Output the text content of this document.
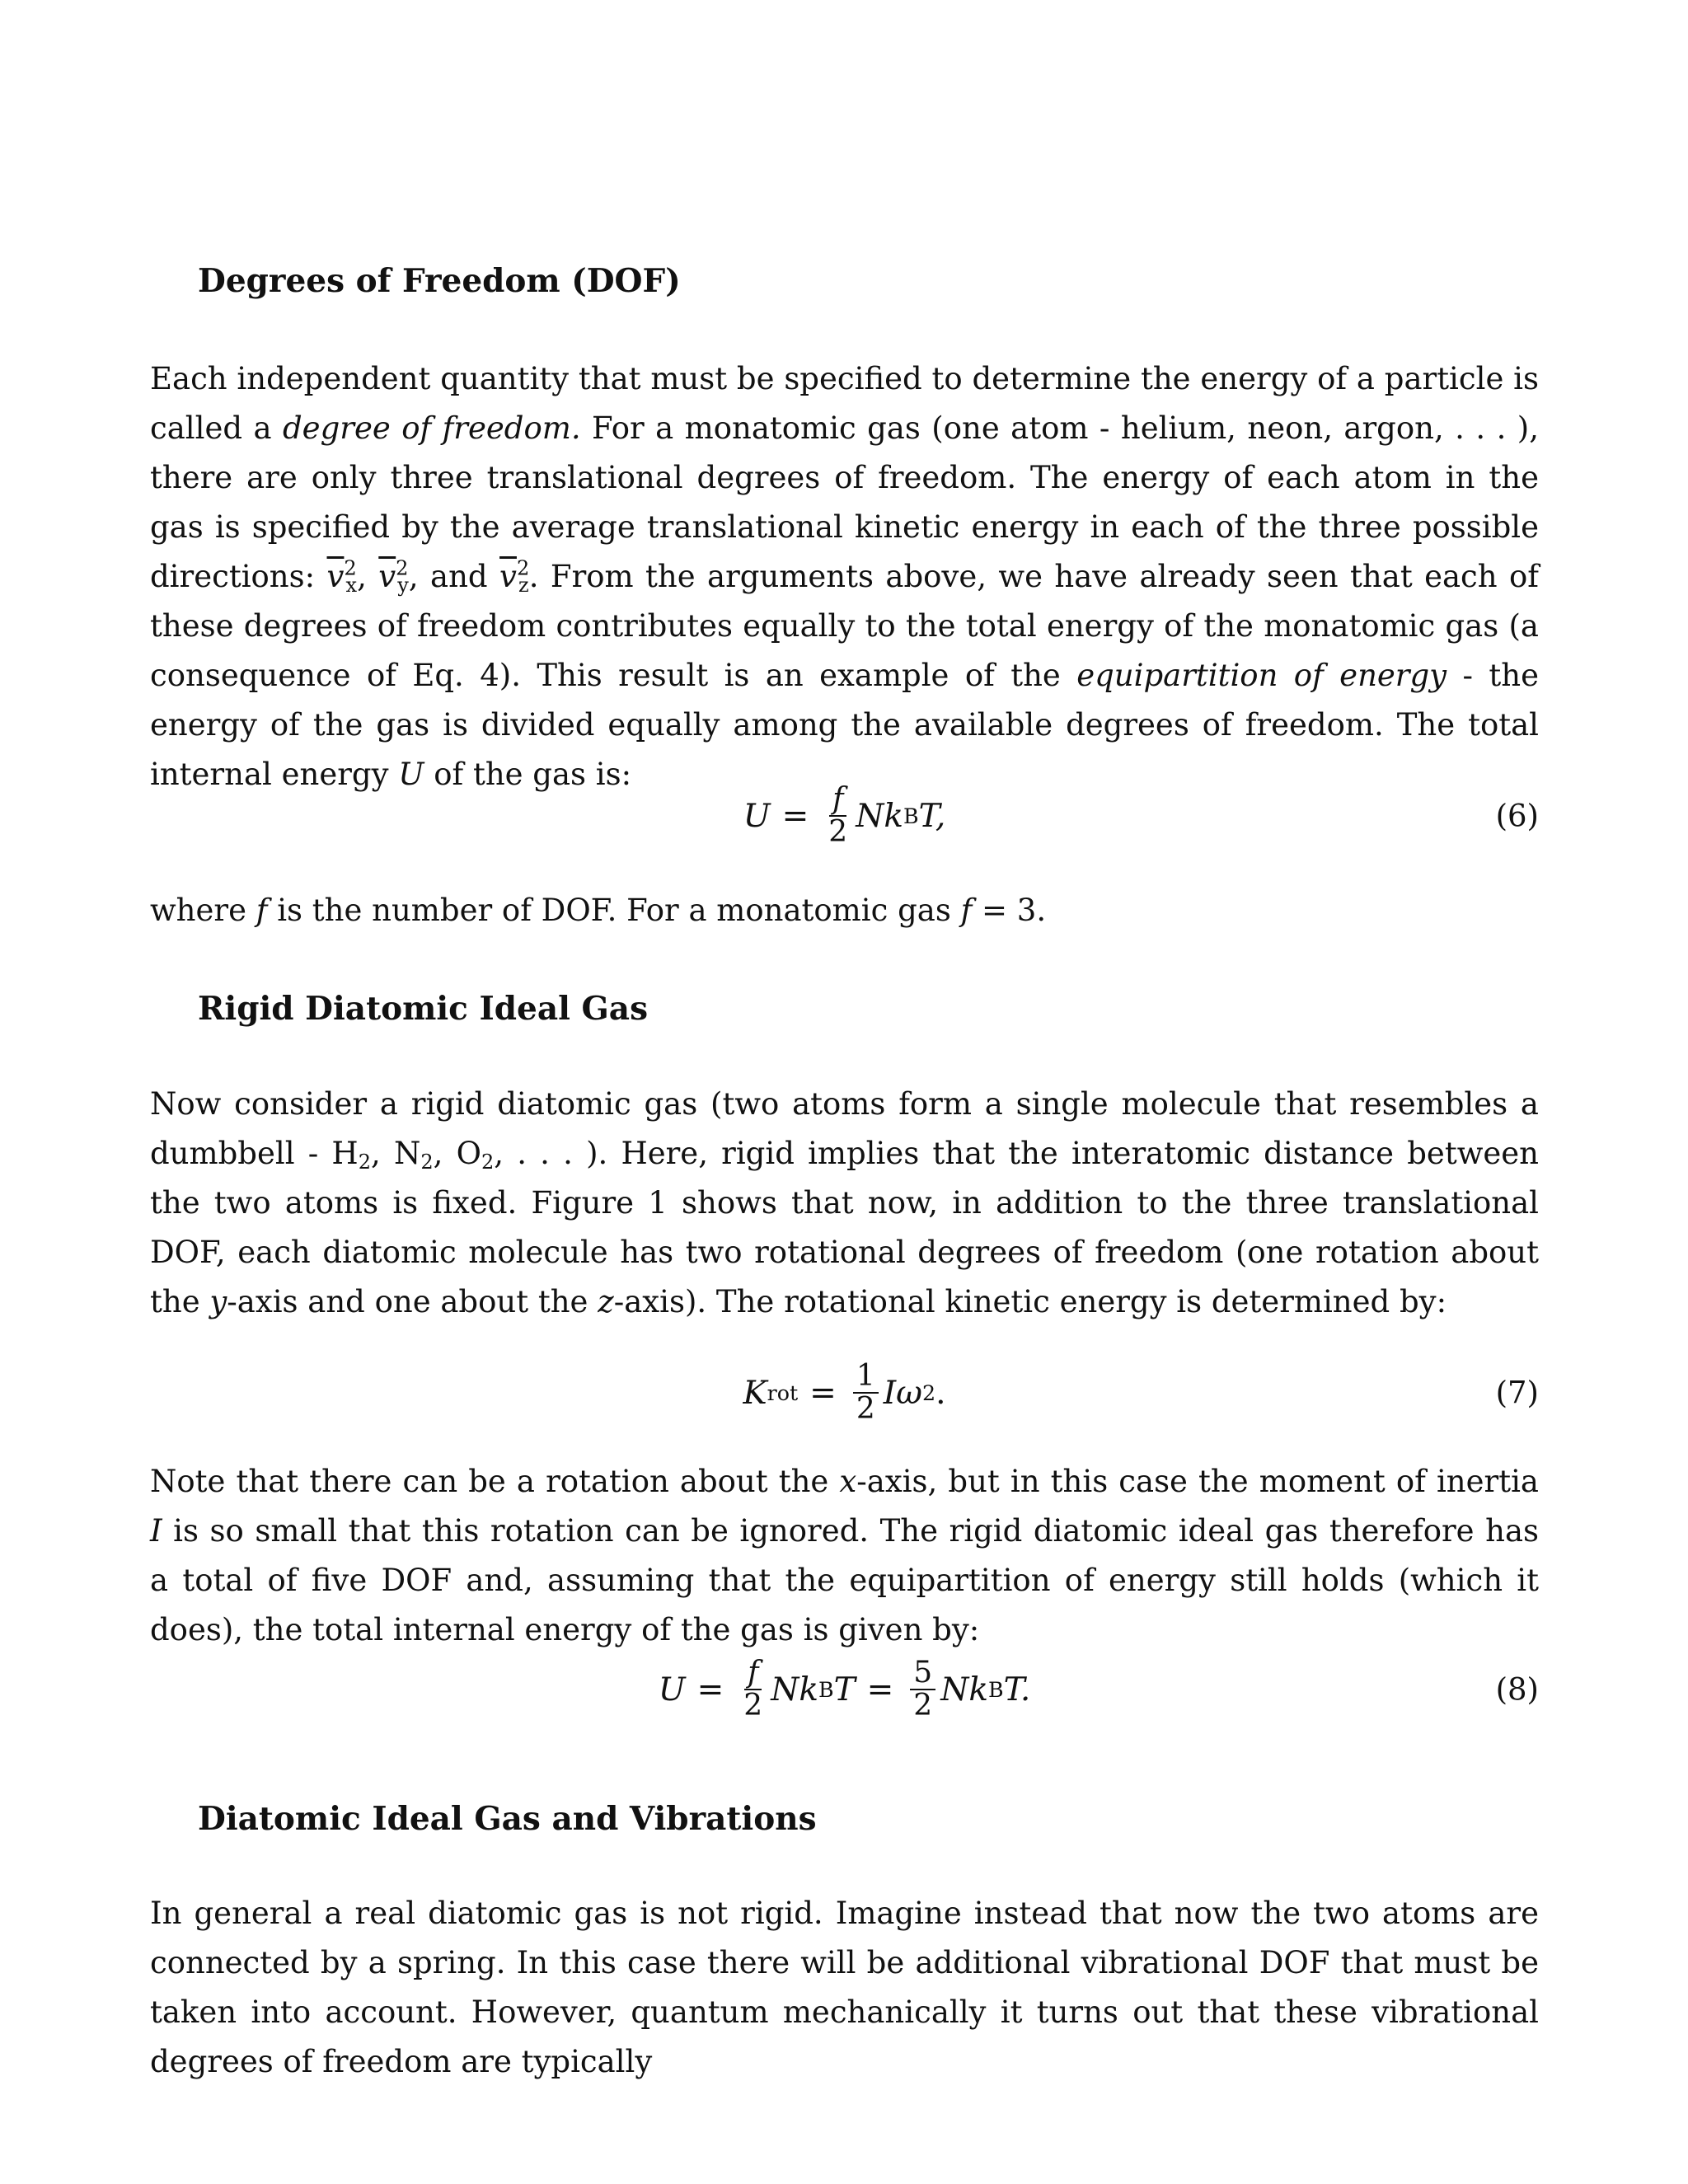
Degrees of Freedom (DOF)

Each independent quantity that must be specified to determine the energy of a particle is called a degree of freedom. For a monatomic gas (one atom - helium, neon, argon, . . . ), there are only three translational degrees of freedom. The energy of each atom in the gas is specified by the average translational kinetic energy in each of the three possible directions: $\overline{v}^2_x$, $\overline{v}^2_y$, and $\overline{v}^2_z$. From the arguments above, we have already seen that each of these degrees of freedom contributes equally to the total energy of the monatomic gas (a consequence of Eq. 4). This result is an example of the equipartition of energy - the energy of the gas is divided equally among the available degrees of freedom. The total internal energy U of the gas is:

$U = \frac{f}{2}$ Nk B T,	(6)

where f is the number of DOF. For a monatomic gas f = 3.

Rigid Diatomic Ideal Gas

Now consider a rigid diatomic gas (two atoms form a single molecule that resembles a dumbbell - $H_2$, $N_2$, $O_2$, . . . ). Here, rigid implies that the interatomic distance between the two atoms is fixed. Figure 1 shows that now, in addition to the three translational DOF, each diatomic molecule has two rotational degrees of freedom (one rotation about the y-axis and one about the z-axis). The rotational kinetic energy is determined by:

K rot = $\frac{1}{2}$ Iω 2 .	(7)

Note that there can be a rotation about the x-axis, but in this case the moment of inertia I is so small that this rotation can be ignored. The rigid diatomic ideal gas therefore has a total of five DOF and, assuming that the equipartition of energy still holds (which it does), the total internal energy of the gas is given by:

$U = \frac{f}{2}$ Nk B $T = \frac{5}{2}$ Nk B T.	(8)
Diatomic Ideal Gas and Vibrations

In general a real diatomic gas is not rigid. Imagine instead that now the two atoms are connected by a spring. In this case there will be additional vibrational DOF that must be taken into account. However, quantum mechanically it turns out that these vibrational degrees of freedom are typically
